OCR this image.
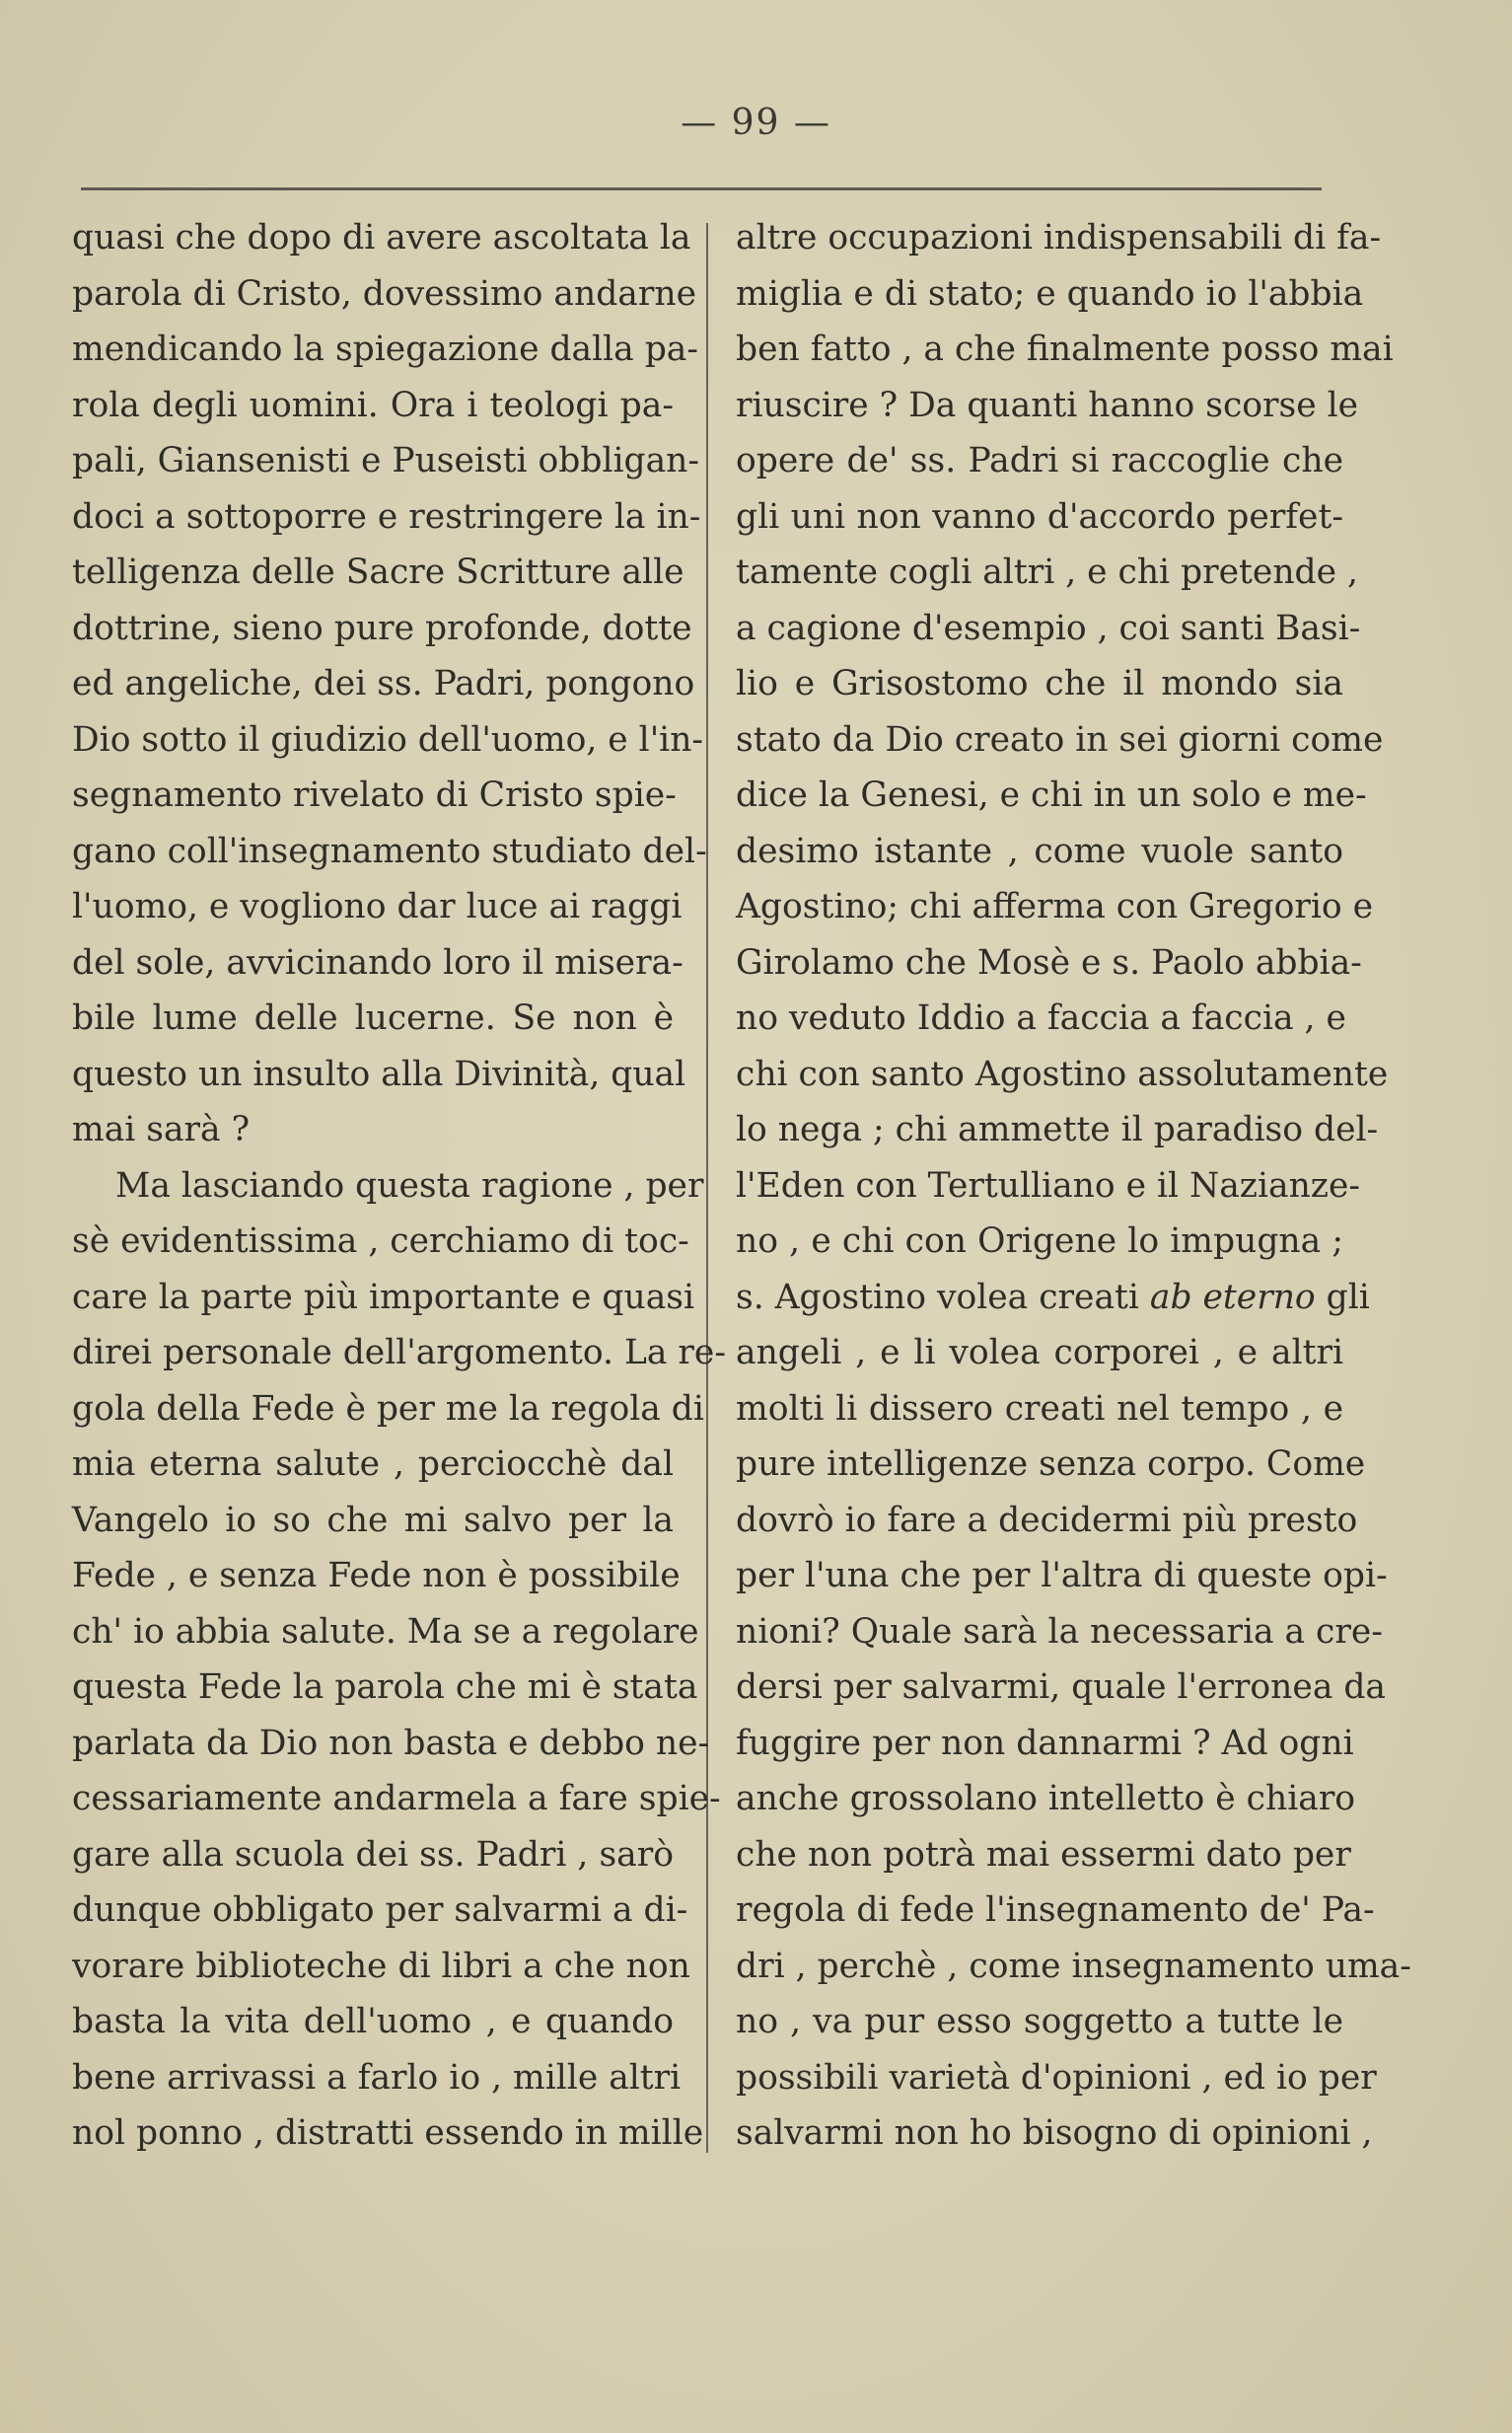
— 99 —
quasi che dopo di avere ascoltata la
parola di Cristo, dovessimo andarne
mendicando la spiegazione dalla pa-
rola degli uomini. Ora i teologi pa-
pali, Giansenisti e Puseisti obbligan-
doci a sottoporre e restringere la in-
telligenza delle Sacre Scritture alle
dottrine, sieno pure profonde, dotte
ed angeliche, dei ss. Padri, pongono
Dio sotto il giudizio dell'uomo, e l'in-
segnamento rivelato di Cristo spie-
gano coll'insegnamento studiato del-
l'uomo, e vogliono dar luce ai raggi
del sole, avvicinando loro il misera-
bile lume delle lucerne. Se non è
questo un insulto alla Divinità, qual
mai sarà ?
Ma lasciando questa ragione , per
sè evidentissima , cerchiamo di toc-
care la parte più importante e quasi
direi personale dell'argomento. La re-
gola della Fede è per me la regola di
mia eterna salute , perciocchè dal
Vangelo io so che mi salvo per la
Fede , e senza Fede non è possibile
ch' io abbia salute. Ma se a regolare
questa Fede la parola che mi è stata
parlata da Dio non basta e debbo ne-
cessariamente andarmela a fare spie-
gare alla scuola dei ss. Padri , sarò
dunque obbligato per salvarmi a di-
vorare biblioteche di libri a che non
basta la vita dell'uomo , e quando
bene arrivassi a farlo io , mille altri
nol ponno , distratti essendo in mille
altre occupazioni indispensabili di fa-
miglia e di stato; e quando io l'abbia
ben fatto , a che finalmente posso mai
riuscire ? Da quanti hanno scorse le
opere de' ss. Padri si raccoglie che
gli uni non vanno d'accordo perfet-
tamente cogli altri , e chi pretende ,
a cagione d'esempio , coi santi Basi-
lio e Grisostomo che il mondo sia
stato da Dio creato in sei giorni come
dice la Genesi, e chi in un solo e me-
desimo istante , come vuole santo
Agostino; chi afferma con Gregorio e
Girolamo che Mosè e s. Paolo abbia-
no veduto Iddio a faccia a faccia , e
chi con santo Agostino assolutamente
lo nega ; chi ammette il paradiso del-
l'Eden con Tertulliano e il Nazianze-
no , e chi con Origene lo impugna ;
s. Agostino volea creati ab eterno gli
angeli , e li volea corporei , e altri
molti li dissero creati nel tempo , e
pure intelligenze senza corpo. Come
dovrò io fare a decidermi più presto
per l'una che per l'altra di queste opi-
nioni? Quale sarà la necessaria a cre-
dersi per salvarmi, quale l'erronea da
fuggire per non dannarmi ? Ad ogni
anche grossolano intelletto è chiaro
che non potrà mai essermi dato per
regola di fede l'insegnamento de' Pa-
dri , perchè , come insegnamento uma-
no , va pur esso soggetto a tutte le
possibili varietà d'opinioni , ed io per
salvarmi non ho bisogno di opinioni ,
